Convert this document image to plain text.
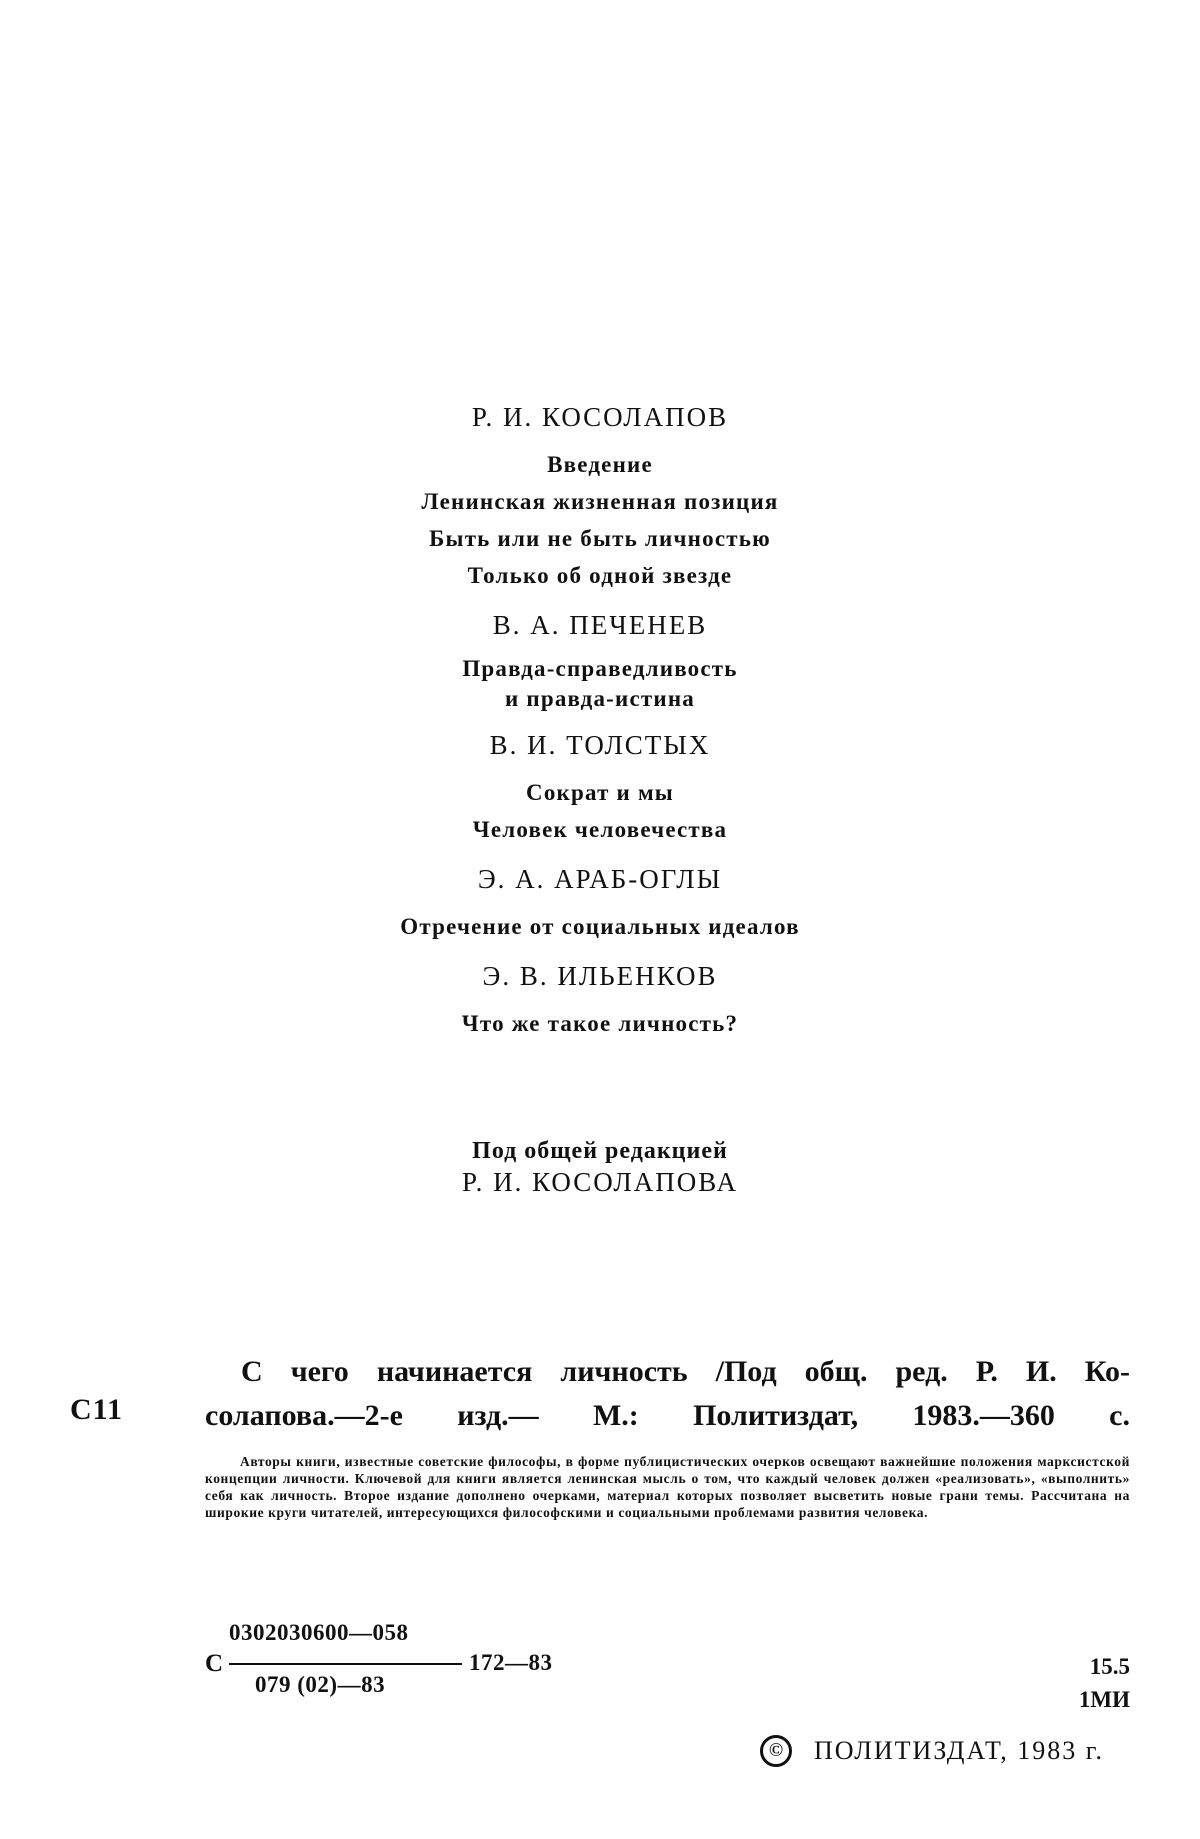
Р. И. КОСОЛАПОВ

Введение

Ленинская жизненная позиция

Быть или не быть личностью

Только об одной звезде

В. А. ПЕЧЕНЕВ

Правда-справедливость

и правда-истина

В. И. ТОЛСТЫХ

Сократ и мы

Человек человечества

Э. А. АРАБ-ОГЛЫ

Отречение от социальных идеалов

Э. В. ИЛЬЕНКОВ

Что же такое личность?

Под общей редакцией
Р. И. КОСОЛАПОВА
С11
С чего начинается личность /Под общ. ред. Р. И. Ко-
солапова.—2-е изд.— М.: Политиздат, 1983.—360 с.
Авторы книги, известные советские философы, в форме публицистических очерков освещают важнейшие положения марксистской концепции личности. Ключевой для книги является ленинская мысль о том, что каждый человек должен «реализовать», «выполнить» себя как личность. Второе издание дополнено очерками, материал которых позволяет высветить новые грани темы. Рассчитана на широкие круги читателей, интересующихся философскими и социальными проблемами развития человека.
С
0302030600—058
079 (02)—83
172—83	15.5
1МИ
©	ПОЛИТИЗДАТ, 1983 г.
